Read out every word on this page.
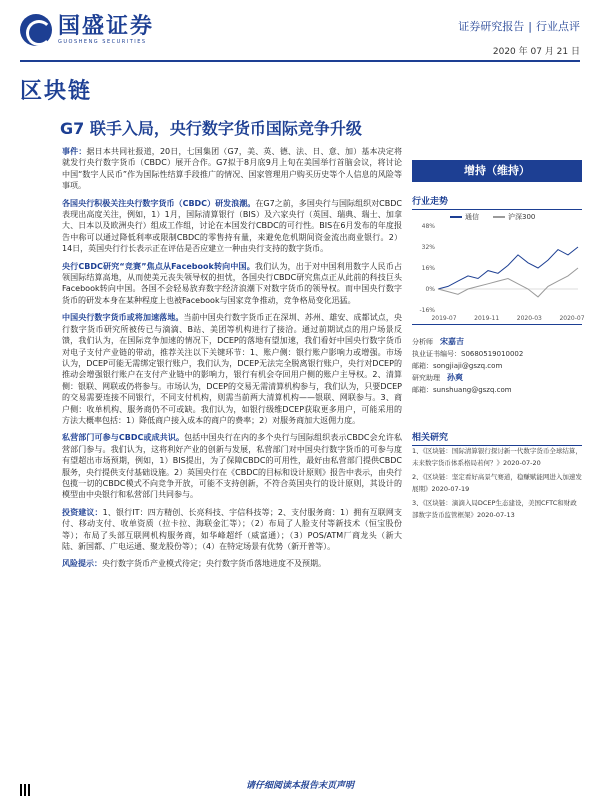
国盛证券
GUOSHENG SECURITIES
证券研究报告 | 行业点评
2020 年 07 月 21 日
区块链
G7 联手入局，央行数字货币国际竞争升级

事件：据日本共同社报道，20日，七国集团（G7，美、英、德、法、日、意、加）基本决定将就发行央行数字货币（CBDC）展开合作。G7拟于8月底9月上旬在美国举行首脑会议，将讨论中国“数字人民币”作为国际性结算手段推广的情况、国家管理用户购买历史等个人信息的风险等事项。

各国央行积极关注央行数字货币（CBDC）研发浪潮。在G7之前，多国央行与国际组织对CBDC表现出高度关注，例如，1）1月，国际清算银行（BIS）及六家央行（英国、瑞典、瑞士、加拿大、日本以及欧洲央行）组成工作组，讨论在本国发行CBDC的可行性。BIS在6月发布的年度报告中称可以通过降低利率或限制CBDC的零售持有量，来避免危机期间资金流出商业银行。2）14日，英国央行行长表示正在评估是否应建立一种由央行支持的数字货币。

央行CBDC研究“竞赛”焦点从Facebook转向中国。我们认为，出于对中国利用数字人民币占领国际结算高地，从而使美元丧失领导权的担忧，各国央行CBDC研究焦点正从此前的科技巨头Facebook转向中国。各国不会轻易放弃数字经济浪潮下对数字货币的领导权。而中国央行数字货币的研发本身在某种程度上也被Facebook与国家竞争推动，竞争格局变化迅猛。

中国央行数字货币或将加速落地。当前中国央行数字货币正在深圳、苏州、雄安、成都试点，央行数字货币研究所被传已与滴滴、B站、美团等机构进行了接洽。通过前期试点的用户场景反馈，我们认为，在国际竞争加速的情况下，DCEP的落地有望加速，我们看好中国央行数字货币对电子支付产业链的带动，推荐关注以下关键环节：1、账户侧：银行账户影响力或增强。市场认为，DCEP可能无需绑定银行账户，我们认为，DCEP无法完全脱离银行账户，央行对DCEP的推动会增强银行账户在支付产业链中的影响力，银行有机会夺回用户侧的账户主导权。2、清算侧：银联、网联或仍将参与。市场认为，DCEP的交易无需清算机构参与，我们认为，只要DCEP的交易需要连接不同银行，不同支付机构，则需当前两大清算机构——银联、网联参与。3、商户侧：收单机构、服务商仍不可或缺。我们认为，如银行级维DCEP获取更多用户，可能采用的方法大概率包括：1）降低商户接入成本的商户的费率；2）对服务商加大返佣力度。

私营部门可参与CBDC或成共识。包括中国央行在内的多个央行与国际组织表示CBDC会允许私营部门参与。我们认为，这将利好产业的创新与发展，私营部门对中国央行数字货币的可参与度有望超出市场预期，例如，1）BIS提出，为了保障CBDC的可用性，最好由私营部门提供CBDC服务，央行提供支付基础设施。2）英国央行在《CBDC的目标和设计原则》报告中表示，由央行包揽一切的CBDC模式不向竞争开放，可能不支持创新，不符合英国央行的设计原则，其设计的模型由中央银行和私营部门共同参与。

投资建议：1、银行IT：四方精创、长亮科技、宇信科技等；2、支付服务商：1）拥有互联网支付、移动支付、收单资质（拉卡拉、海联金汇等）；（2）布局了人脸支付等新技术（恒宝股份等）；布局了头部互联网机构服务商，如华峰超纤（威富通）；（3）POS/ATM厂商龙头（新大陆、新国都、广电运通、聚龙股份等）；（4）在特定场景有优势（新开普等）。

风险提示：央行数字货币产业模式待定；央行数字货币落地进度不及预期。

增持（维持）
行业走势
通信	沪深300
48%
32%
16%
0%
-16%
2019-07	2019-11	2020-03	2020-07
分析师　 宋嘉吉
执业证书编号：S0680519010002
邮箱：songjiaji@gszq.com
研究助理　 孙爽
邮箱：sunshuang@gszq.com
相关研究
1、《区块链：国际清算银行探讨新一代数字货币全球结算，未来数字货币体系格局若何？》2020-07-20
2、《区块链：坚定看好高景气赛道，稳赚赋能网进入加速发展期》2020-07-19
3、《区块链：滴滴入局DCEP生态建设，美国CFTC和财政部数字货币监管框架》2020-07-13
请仔细阅读本报告末页声明
